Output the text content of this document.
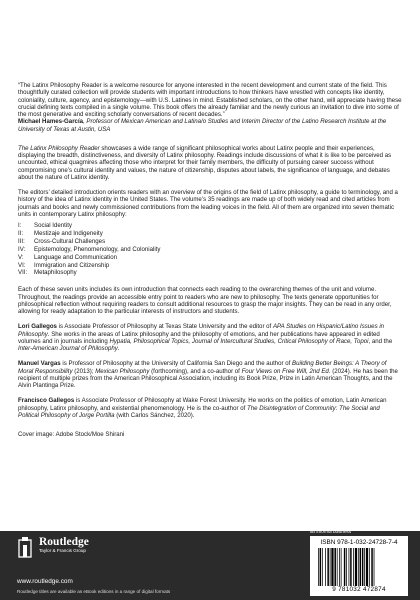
“The Latinx Philosophy Reader is a welcome resource for anyone interested in the recent development and current state of the field. This thoughtfully curated collection will provide students with important introductions to how thinkers have wrestled with concepts like identity, coloniality, culture, agency, and epistemology—with U.S. Latines in mind. Established scholars, on the other hand, will appreciate having these crucial defining texts compiled in a single volume. This book offers the already familiar and the newly curious an invitation to dive into some of the most generative and exciting scholarly conversations of recent decades.”

Michael Hames-García, Professor of Mexican American and Latina/o Studies and Interim Director of the Latino Research Institute at the University of Texas at Austin, USA

The Latinx Philosophy Reader showcases a wide range of significant philosophical works about Latinx people and their experiences, displaying the breadth, distinctiveness, and diversity of Latinx philosophy. Readings include discussions of what it is like to be perceived as uncounted, ethical quagmires affecting those who interpret for their family members, the difficulty of pursuing career success without compromising one’s cultural identity and values, the nature of citizenship, disputes about labels, the significance of language, and debates about the nature of Latinx identity.

The editors’ detailed introduction orients readers with an overview of the origins of the field of Latinx philosophy, a guide to terminology, and a history of the idea of Latinx identity in the United States. The volume’s 35 readings are made up of both widely read and cited articles from journals and books and newly commissioned contributions from the leading voices in the field. All of them are organized into seven thematic units in contemporary Latinx philosophy:

I:	Social Identity
II:	Mestizaje and Indigeneity
III:	Cross-Cultural Challenges
IV:	Epistemology, Phenomenology, and Coloniality
V:	Language and Communication
VI:	Immigration and Citizenship
VII:	Metaphilosophy

Each of these seven units includes its own introduction that connects each reading to the overarching themes of the unit and volume. Throughout, the readings provide an accessible entry point to readers who are new to philosophy. The texts generate opportunities for philosophical reflection without requiring readers to consult additional resources to grasp the major insights. They can be read in any order, allowing for ready adaptation to the particular interests of instructors and students.

Lori Gallegos is Associate Professor of Philosophy at Texas State University and the editor of APA Studies on Hispanic/Latino Issues in Philosophy. She works in the areas of Latinx philosophy and the philosophy of emotions, and her publications have appeared in edited volumes and in journals including Hypatia, Philosophical Topics, Journal of Intercultural Studies, Critical Philosophy of Race, Topoi, and the Inter-American Journal of Philosophy.

Manuel Vargas is Professor of Philosophy at the University of California San Diego and the author of Building Better Beings: A Theory of Moral Responsibility (2013); Mexican Philosophy (forthcoming), and a co-author of Four Views on Free Will, 2nd Ed. (2024). He has been the recipient of multiple prizes from the American Philosophical Association, including its Book Prize, Prize in Latin American Thoughts, and the Alvin Plantinga Prize.

Francisco Gallegos is Associate Professor of Philosophy at Wake Forest University. He works on the politics of emotion, Latin American philosophy, Latinx philosophy, and existential phenomenology. He is the co-author of The Disintegration of Community: The Social and Political Philosophy of Jorge Portilla (with Carlos Sánchez, 2020).

Cover image: Adobe Stock/Moe Shirani

Routledge
Taylor & Francis Group
www.routledge.com
Routledge titles are available as eBook editions in a range of digital formats
an informa business
ISBN 978-1-032-24728-7-4
9 781032 472874
